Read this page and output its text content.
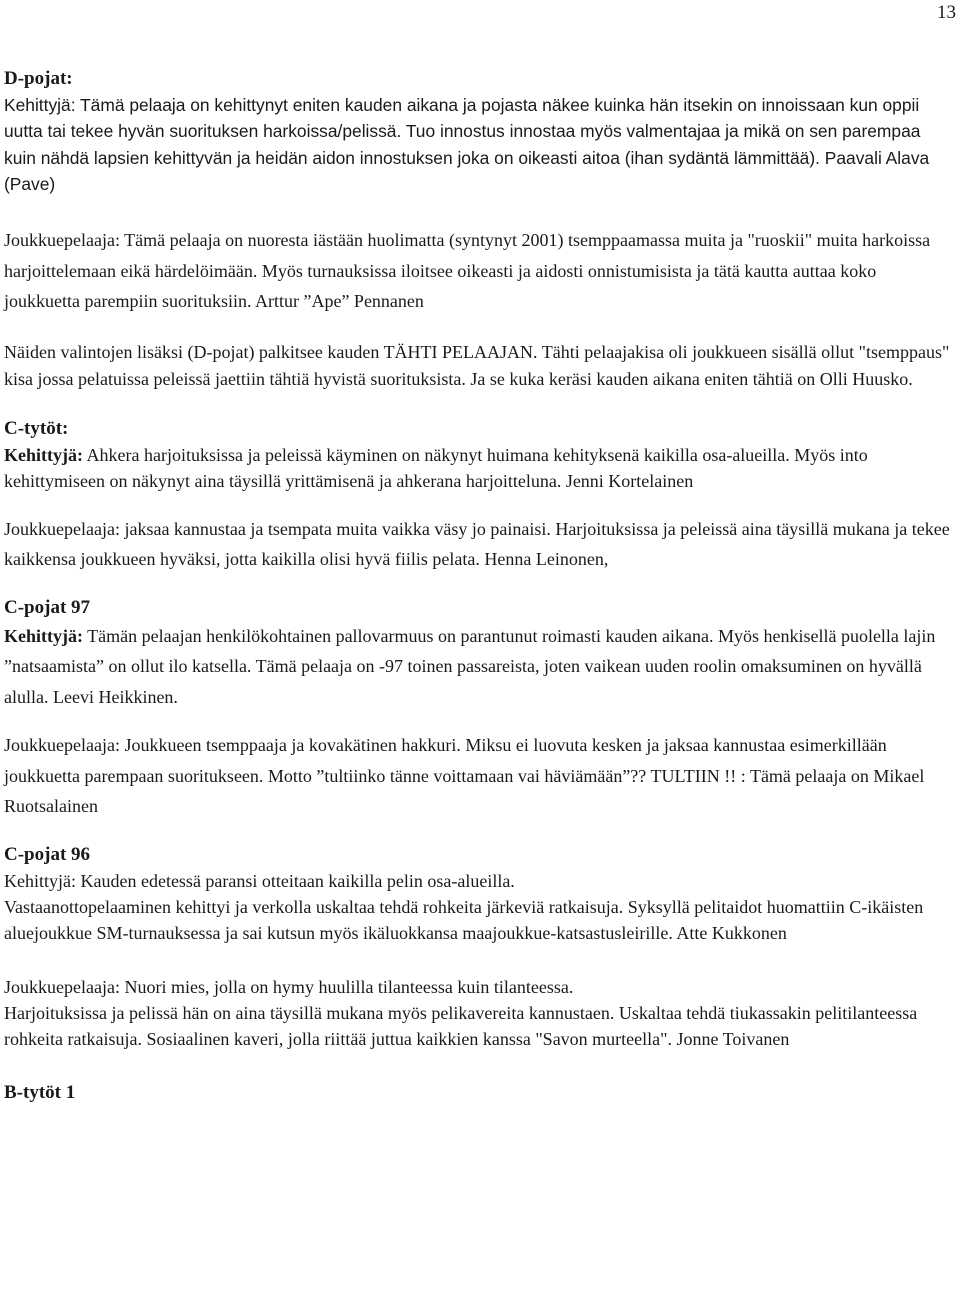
13

D-pojat:

Kehittyjä: Tämä pelaaja on kehittynyt eniten kauden aikana ja pojasta näkee kuinka hän itsekin on innoissaan kun oppii uutta tai tekee hyvän suorituksen harkoissa/pelissä. Tuo innostus innostaa myös valmentajaa ja mikä on sen parempaa kuin nähdä lapsien kehittyvän ja heidän aidon innostuksen joka on oikeasti aitoa (ihan sydäntä lämmittää). Paavali Alava (Pave)

Joukkuepelaaja: Tämä pelaaja on nuoresta iästään huolimatta (syntynyt 2001) tsemppaamassa muita ja "ruoskii" muita harkoissa harjoittelemaan eikä härdelöimään. Myös turnauksissa iloitsee oikeasti ja aidosti onnistumisista ja tätä kautta auttaa koko joukkuetta parempiin suorituksiin. Arttur ”Ape” Pennanen

Näiden valintojen lisäksi (D-pojat) palkitsee kauden TÄHTI PELAAJAN. Tähti pelaajakisa oli joukkueen sisällä ollut "tsemppaus" kisa jossa pelatuissa peleissä jaettiin tähtiä hyvistä suorituksista. Ja se kuka keräsi kauden aikana eniten tähtiä on Olli Huusko.

C-tytöt:

Kehittyjä: Ahkera harjoituksissa ja peleissä käyminen on näkynyt huimana kehityksenä kaikilla osa-alueilla. Myös into kehittymiseen on näkynyt aina täysillä yrittämisenä ja ahkerana harjoitteluna. Jenni Kortelainen

Joukkuepelaaja: jaksaa kannustaa ja tsempata muita vaikka väsy jo painaisi. Harjoituksissa ja peleissä aina täysillä mukana ja tekee kaikkensa joukkueen hyväksi, jotta kaikilla olisi hyvä fiilis pelata. Henna Leinonen,

C-pojat 97

Kehittyjä: Tämän pelaajan henkilökohtainen pallovarmuus on parantunut roimasti kauden aikana. Myös henkisellä puolella lajin ”natsaamista” on ollut ilo katsella. Tämä pelaaja on -97 toinen passareista, joten vaikean uuden roolin omaksuminen on hyvällä alulla. Leevi Heikkinen.

Joukkuepelaaja: Joukkueen tsemppaaja ja kovakätinen hakkuri. Miksu ei luovuta kesken ja jaksaa kannustaa esimerkillään joukkuetta parempaan suoritukseen. Motto ”tultiinko tänne voittamaan vai häviämään”?? TULTIIN !! : Tämä pelaaja on Mikael Ruotsalainen

C-pojat 96

Kehittyjä: Kauden edetessä paransi otteitaan kaikilla pelin osa-alueilla.

Vastaanottopelaaminen kehittyi ja verkolla uskaltaa tehdä rohkeita järkeviä ratkaisuja. Syksyllä pelitaidot huomattiin C-ikäisten aluejoukkue SM-turnauksessa ja sai kutsun myös ikäluokkansa maajoukkue-katsastusleirille. Atte Kukkonen

Joukkuepelaaja: Nuori mies, jolla on hymy huulilla tilanteessa kuin tilanteessa.

Harjoituksissa ja pelissä hän on aina täysillä mukana myös pelikavereita kannustaen. Uskaltaa tehdä tiukassakin pelitilanteessa rohkeita ratkaisuja. Sosiaalinen kaveri, jolla riittää juttua kaikkien kanssa "Savon murteella". Jonne Toivanen

B-tytöt 1
